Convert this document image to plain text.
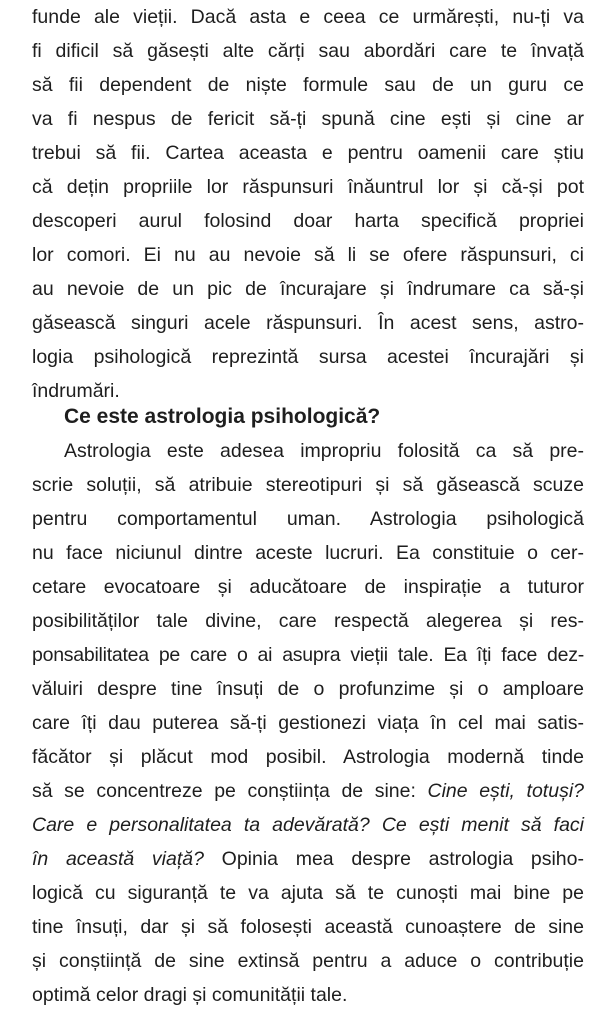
funde ale vieții. Dacă asta e ceea ce urmărești, nu-ți va
fi dificil să găsești alte cărți sau abordări care te învață
să fii dependent de niște formule sau de un guru ce
va fi nespus de fericit să-ți spună cine ești și cine ar
trebui să fii. Cartea aceasta e pentru oamenii care știu
că dețin propriile lor răspunsuri înăuntrul lor și că-și pot
descoperi aurul folosind doar harta specifică propriei
lor comori. Ei nu au nevoie să li se ofere răspunsuri, ci
au nevoie de un pic de încurajare și îndrumare ca să-și
găsească singuri acele răspunsuri. În acest sens, astro-
logia psihologică reprezintă sursa acestei încurajări și
îndrumări.
Ce este astrologia psihologică?
Astrologia este adesea impropriu folosită ca să pre-
scrie soluții, să atribuie stereotipuri și să găsească scuze
pentru comportamentul uman. Astrologia psihologică
nu face niciunul dintre aceste lucruri. Ea constituie o cer-
cetare evocatoare și aducătoare de inspirație a tuturor
posibilităților tale divine, care respectă alegerea și res-
ponsabilitatea pe care o ai asupra vieții tale. Ea îți face dez-
văluiri despre tine însuți de o profunzime și o amploare
care îți dau puterea să-ți gestionezi viața în cel mai satis-
făcător și plăcut mod posibil. Astrologia modernă tinde
să se concentreze pe conștiința de sine: Cine ești, totuși?
Care e personalitatea ta adevărată? Ce ești menit să faci
în această viață? Opinia mea despre astrologia psiho-
logică cu siguranță te va ajuta să te cunoști mai bine pe
tine însuți, dar și să folosești această cunoaștere de sine
și conștiință de sine extinsă pentru a aduce o contribuție
optimă celor dragi și comunității tale.
